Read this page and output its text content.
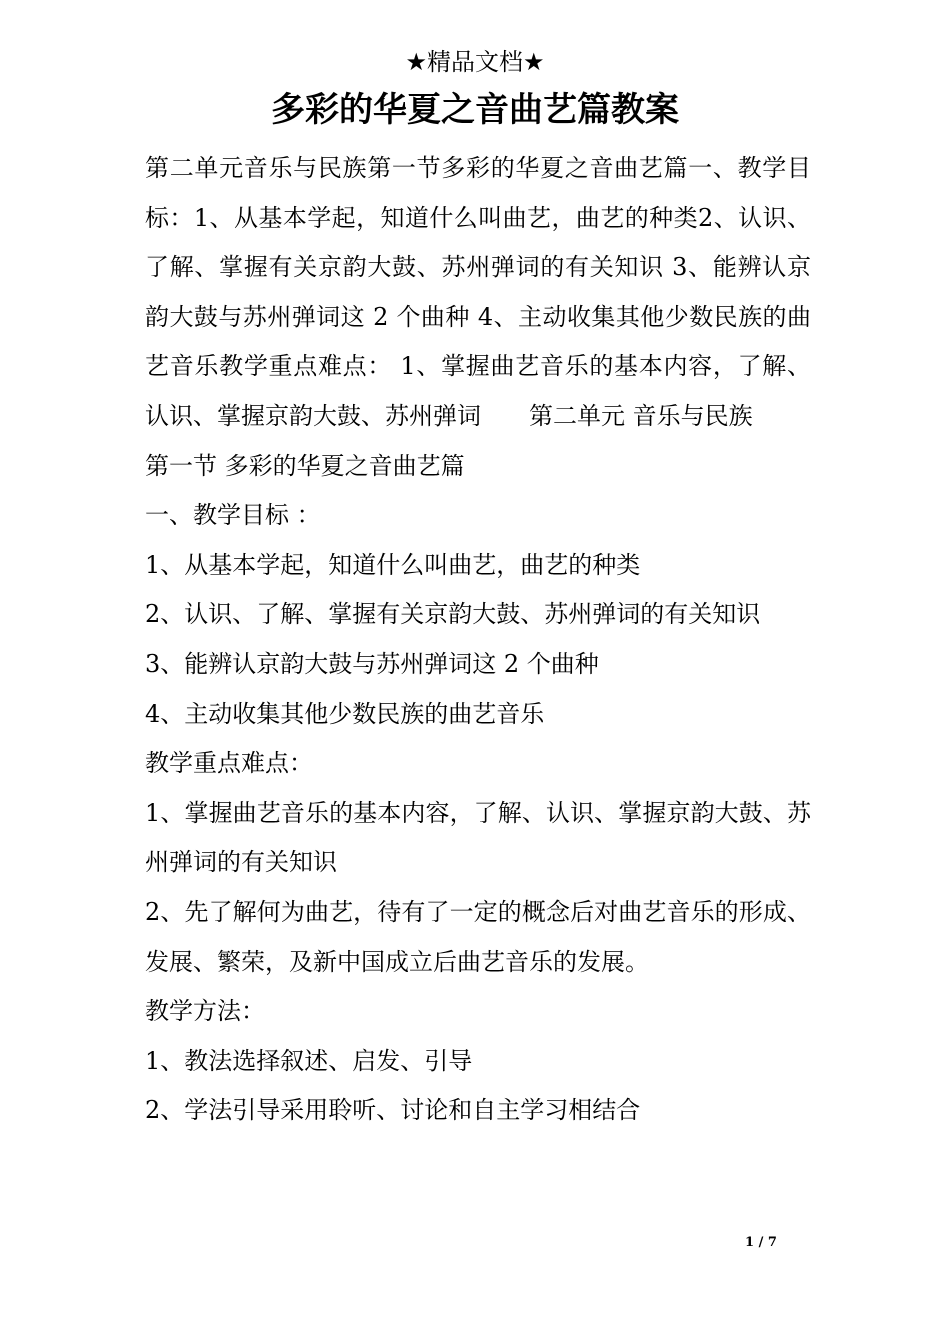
★精品文档★
多彩的华夏之音曲艺篇教案

第二单元音乐与民族第一节多彩的华夏之音曲艺篇一、教学目标：1、从基本学起，知道什么叫曲艺，曲艺的种类2、认识、了解、掌握有关京韵大鼓、苏州弹词的有关知识 3、能辨认京韵大鼓与苏州弹词这 2 个曲种 4、主动收集其他少数民族的曲艺音乐教学重点难点： 1、掌握曲艺音乐的基本内容，了解、认识、掌握京韵大鼓、苏州弹词　　第二单元 音乐与民族

第一节 多彩的华夏之音曲艺篇

一、教学目标 ：

1、从基本学起，知道什么叫曲艺，曲艺的种类

2、认识、了解、掌握有关京韵大鼓、苏州弹词的有关知识

3、能辨认京韵大鼓与苏州弹词这 2 个曲种

4、主动收集其他少数民族的曲艺音乐

教学重点难点：

1、掌握曲艺音乐的基本内容，了解、认识、掌握京韵大鼓、苏州弹词的有关知识

2、先了解何为曲艺，待有了一定的概念后对曲艺音乐的形成、发展、繁荣，及新中国成立后曲艺音乐的发展。

教学方法：

1、教法选择叙述、启发、引导

2、学法引导采用聆听、讨论和自主学习相结合

1 / 7
